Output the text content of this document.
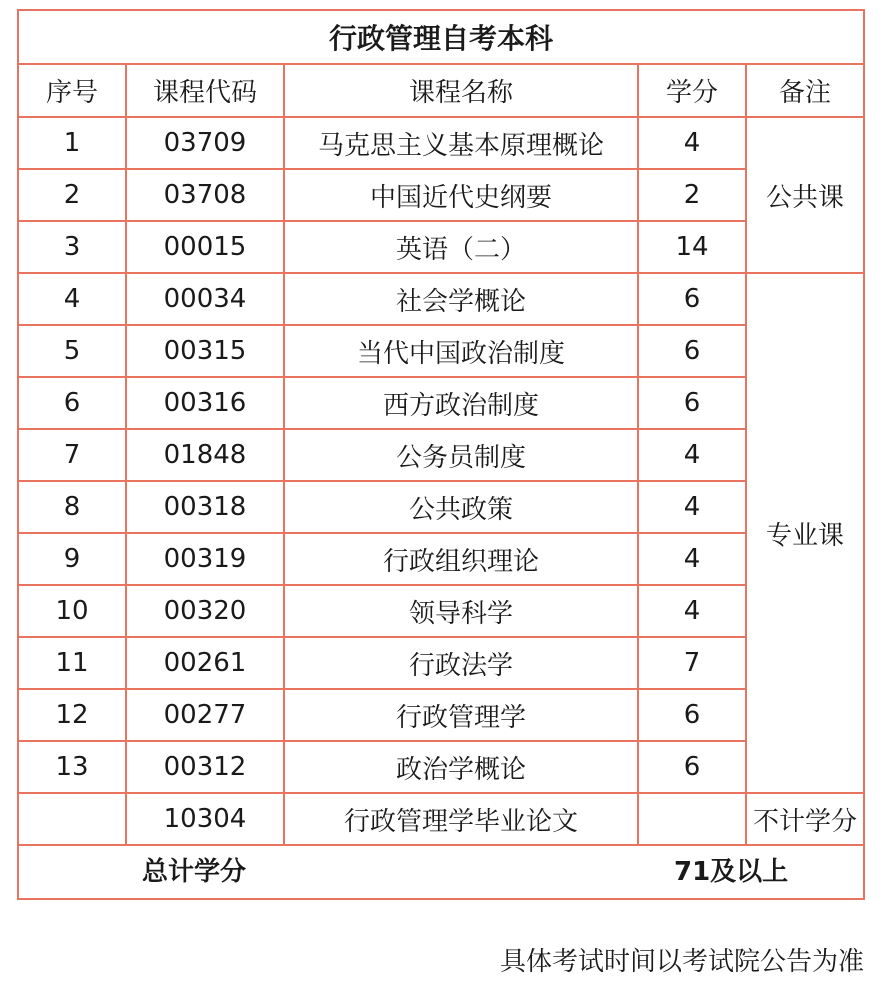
行政管理自考本科				
序号	课程代码	课程名称	学分	备注
1	03709	马克思主义基本原理概论	4	公共课
2	03708	中国近代史纲要	2	
3	00015	英语（二）	14	
4	00034	社会学概论	6	专业课
5	00315	当代中国政治制度	6	
6	00316	西方政治制度	6	
7	01848	公务员制度	4	
8	00318	公共政策	4	
9	00319	行政组织理论	4	
10	00320	领导科学	4	
11	00261	行政法学	7	
12	00277	行政管理学	6	
13	00312	政治学概论	6	
	10304	行政管理学毕业论文		不计学分

总计学分 71及以上				
具体考试时间以考试院公告为准
